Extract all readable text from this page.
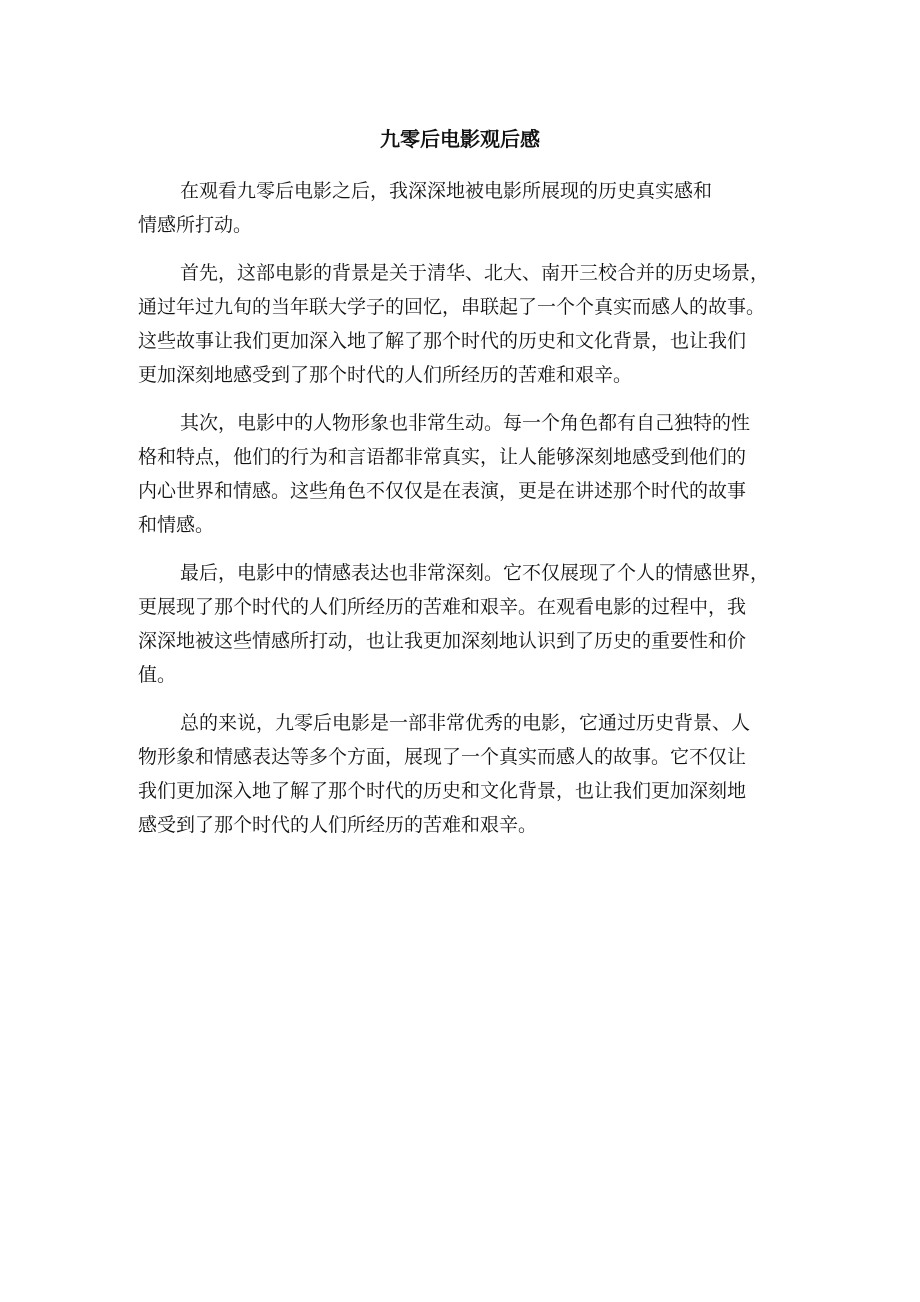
九零后电影观后感

在观看九零后电影之后，我深深地被电影所展现的历史真实感和
情感所打动。

首先，这部电影的背景是关于清华、北大、南开三校合并的历史场景，
通过年过九旬的当年联大学子的回忆，串联起了一个个真实而感人的故事。
这些故事让我们更加深入地了解了那个时代的历史和文化背景，也让我们
更加深刻地感受到了那个时代的人们所经历的苦难和艰辛。

其次，电影中的人物形象也非常生动。每一个角色都有自己独特的性
格和特点，他们的行为和言语都非常真实，让人能够深刻地感受到他们的
内心世界和情感。这些角色不仅仅是在表演，更是在讲述那个时代的故事
和情感。

最后，电影中的情感表达也非常深刻。它不仅展现了个人的情感世界，
更展现了那个时代的人们所经历的苦难和艰辛。在观看电影的过程中，我
深深地被这些情感所打动，也让我更加深刻地认识到了历史的重要性和价
值。

总的来说，九零后电影是一部非常优秀的电影，它通过历史背景、人
物形象和情感表达等多个方面，展现了一个真实而感人的故事。它不仅让
我们更加深入地了解了那个时代的历史和文化背景，也让我们更加深刻地
感受到了那个时代的人们所经历的苦难和艰辛。
